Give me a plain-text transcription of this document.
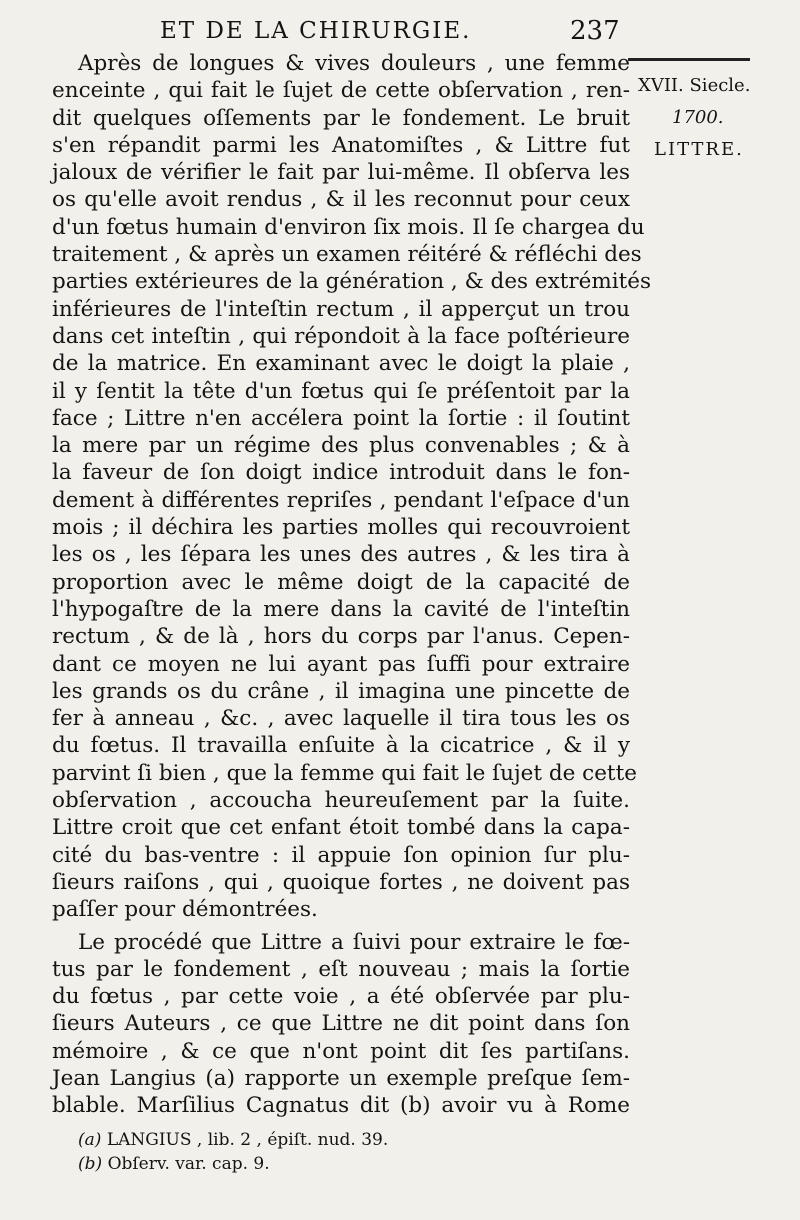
ET DE LA CHIRURGIE.	237
XVII. Siecle.
1700.
LITTRE.
Après de longues & vives douleurs , une femme
enceinte , qui fait le ſujet de cette obſervation , ren-
dit quelques oſſements par le fondement. Le bruit
s'en répandit parmi les Anatomiſtes , & Littre fut
jaloux de vérifier le fait par lui-même. Il obſerva les
os qu'elle avoit rendus , & il les reconnut pour ceux
d'un fœtus humain d'environ ſix mois. Il ſe chargea du
traitement , & après un examen réitéré & réfléchi des
parties extérieures de la génération , & des extrémités
inférieures de l'inteſtin rectum , il apperçut un trou
dans cet inteſtin , qui répondoit à la face poſtérieure
de la matrice. En examinant avec le doigt la plaie ,
il y ſentit la tête d'un fœtus qui ſe préſentoit par la
face ; Littre n'en accélera point la ſortie : il ſoutint
la mere par un régime des plus convenables ; & à
la faveur de ſon doigt indice introduit dans le fon-
dement à différentes repriſes , pendant l'eſpace d'un
mois ; il déchira les parties molles qui recouvroient
les os , les ſépara les unes des autres , & les tira à
proportion avec le même doigt de la capacité de
l'hypogaſtre de la mere dans la cavité de l'inteſtin
rectum , & de là , hors du corps par l'anus. Cepen-
dant ce moyen ne lui ayant pas ſuffi pour extraire
les grands os du crâne , il imagina une pincette de
fer à anneau , &c. , avec laquelle il tira tous les os
du fœtus. Il travailla enſuite à la cicatrice , & il y
parvint ſi bien , que la femme qui fait le ſujet de cette
obſervation , accoucha heureuſement par la ſuite.
Littre croit que cet enfant étoit tombé dans la capa-
cité du bas-ventre : il appuie ſon opinion ſur plu-
ſieurs raiſons , qui , quoique fortes , ne doivent pas
paſſer pour démontrées.
Le procédé que Littre a ſuivi pour extraire le fœ-
tus par le fondement , eſt nouveau ; mais la ſortie
du fœtus , par cette voie , a été obſervée par plu-
ſieurs Auteurs , ce que Littre ne dit point dans ſon
mémoire , & ce que n'ont point dit ſes partiſans.
Jean Langius (a) rapporte un exemple preſque ſem-
blable. Marſilius Cagnatus dit (b) avoir vu à Rome
(a) LANGIUS , lib. 2 , épiſt. nud. 39.
(b) Obſerv. var. cap. 9.
